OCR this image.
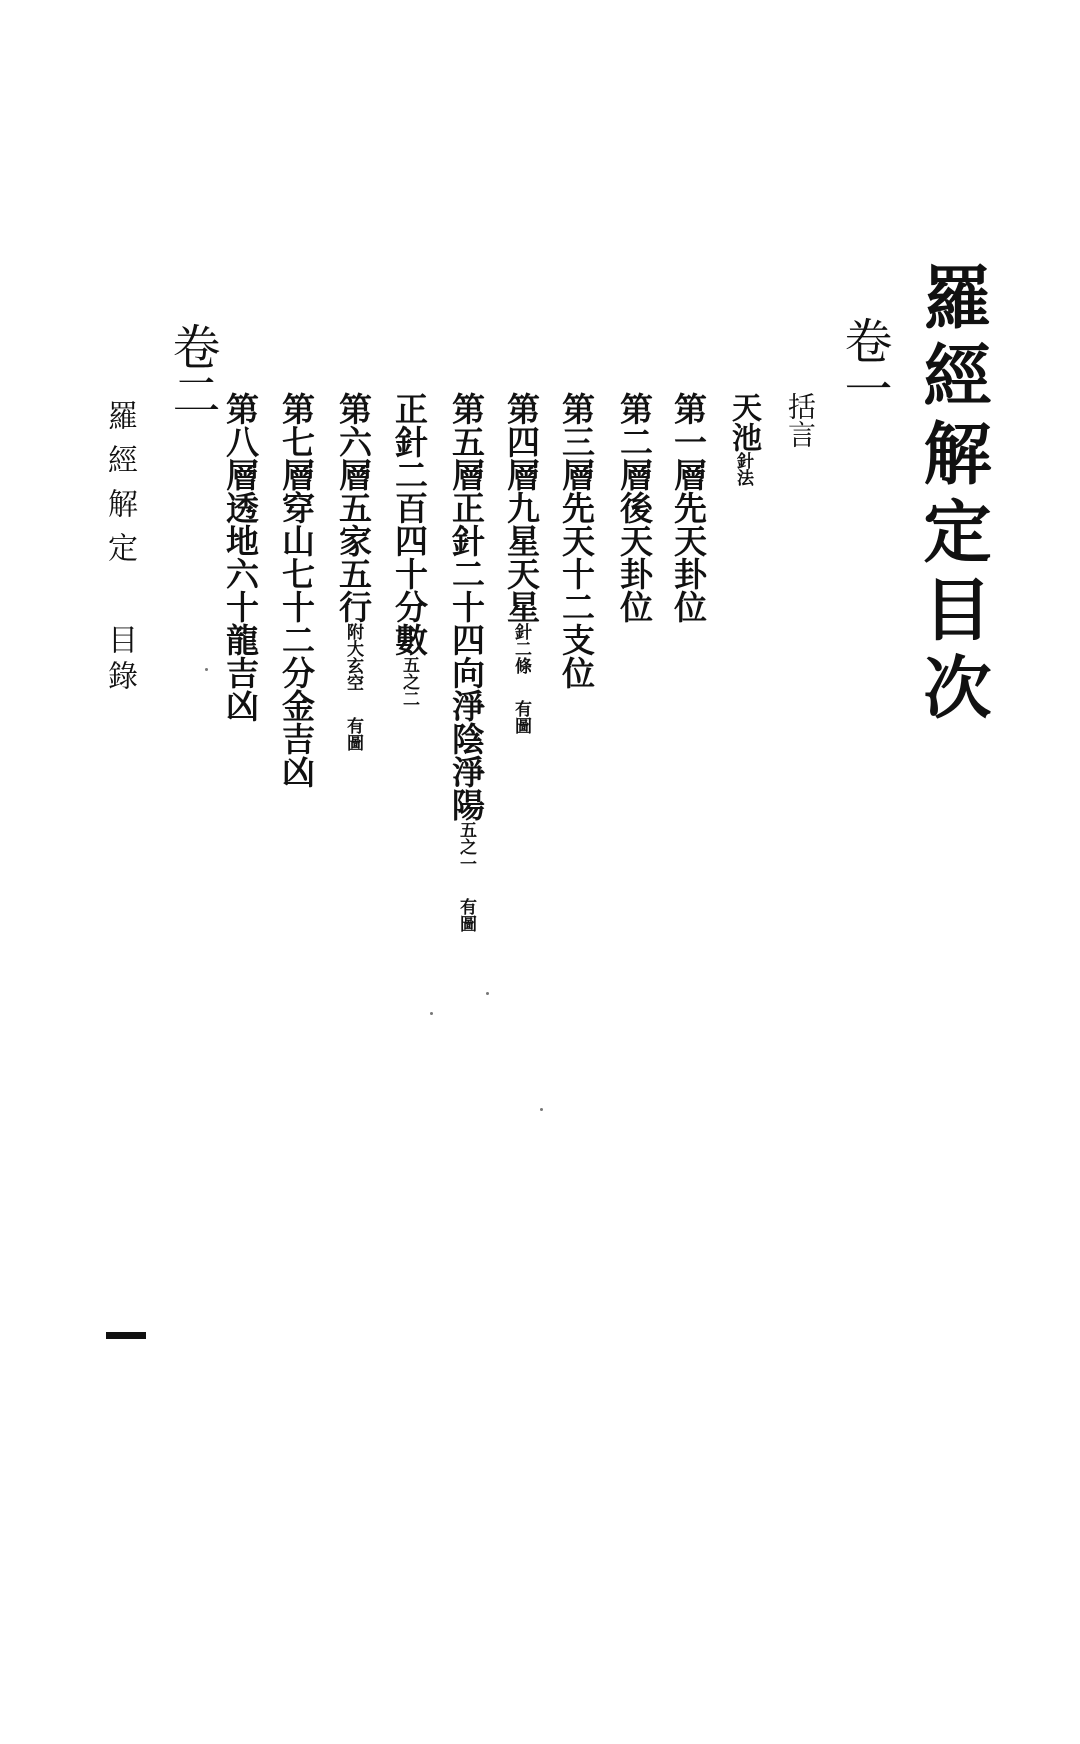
羅經解定目次
卷一
括言
天池針法
第一層先天卦位
第二層後天卦位
第三層先天十二支位
第四層九星天星針二條有圖
第五層正針二十四向淨陰淨陽五之一有圖
正針二百四十分數五之二
第六層五家五行附大玄空有圖
第七層穿山七十二分金吉凶
第八層透地六十龍吉凶
卷二
羅經解定目錄
